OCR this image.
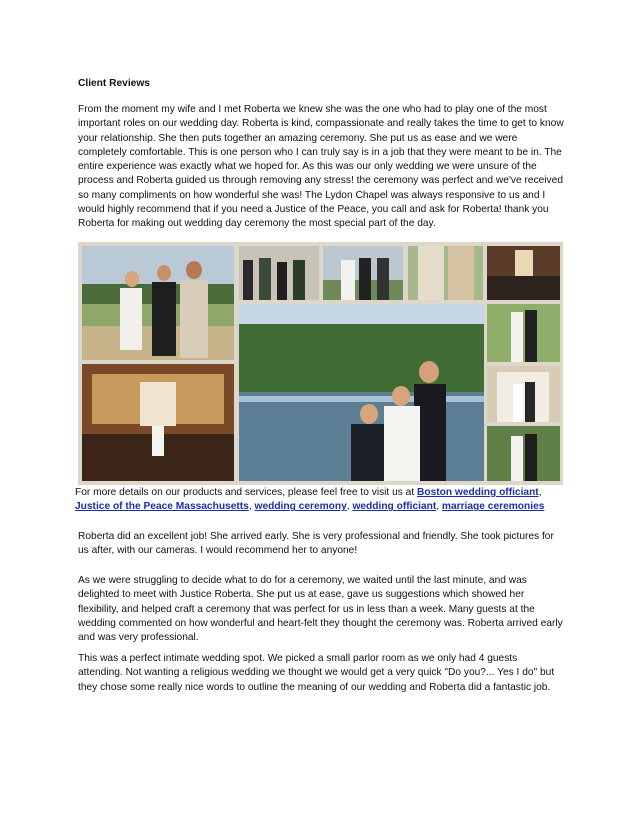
Client Reviews
From the moment my wife and I met Roberta we knew she was the one who had to play one of the most important roles on our wedding day. Roberta is kind, compassionate and really takes the time to get to know your relationship. She then puts together an amazing ceremony. She put us as ease and we were completely comfortable. This is one person who I can truly say is in a job that they were meant to be in. The entire experience was exactly what we hoped for. As this was our only wedding we were unsure of the process and Roberta guided us through removing any stress! the ceremony was perfect and we've received so many compliments on how wonderful she was! The Lydon Chapel was always responsive to us and I would highly recommend that if you need a Justice of the Peace, you call and ask for Roberta! thank you Roberta for making out wedding day ceremony the most special part of the day.
For more details on our products and services, please feel free to visit us at Boston wedding officiant, Justice of the Peace Massachusetts, wedding ceremony, wedding officiant, marriage ceremonies
Roberta did an excellent job! She arrived early. She is very professional and friendly. She took pictures for us after, with our cameras. I would recommend her to anyone!
As we were struggling to decide what to do for a ceremony, we waited until the last minute, and was delighted to meet with Justice Roberta. She put us at ease, gave us suggestions which showed her flexibility, and helped craft a ceremony that was perfect for us in less than a week. Many guests at the wedding commented on how wonderful and heart-felt they thought the ceremony was. Roberta arrived early and was very professional.
This was a perfect intimate wedding spot. We picked a small parlor room as we only had 4 guests attending. Not wanting a religious wedding we thought we would get a very quick "Do you?... Yes I do" but they chose some really nice words to outline the meaning of our wedding and Roberta did a fantastic job.
